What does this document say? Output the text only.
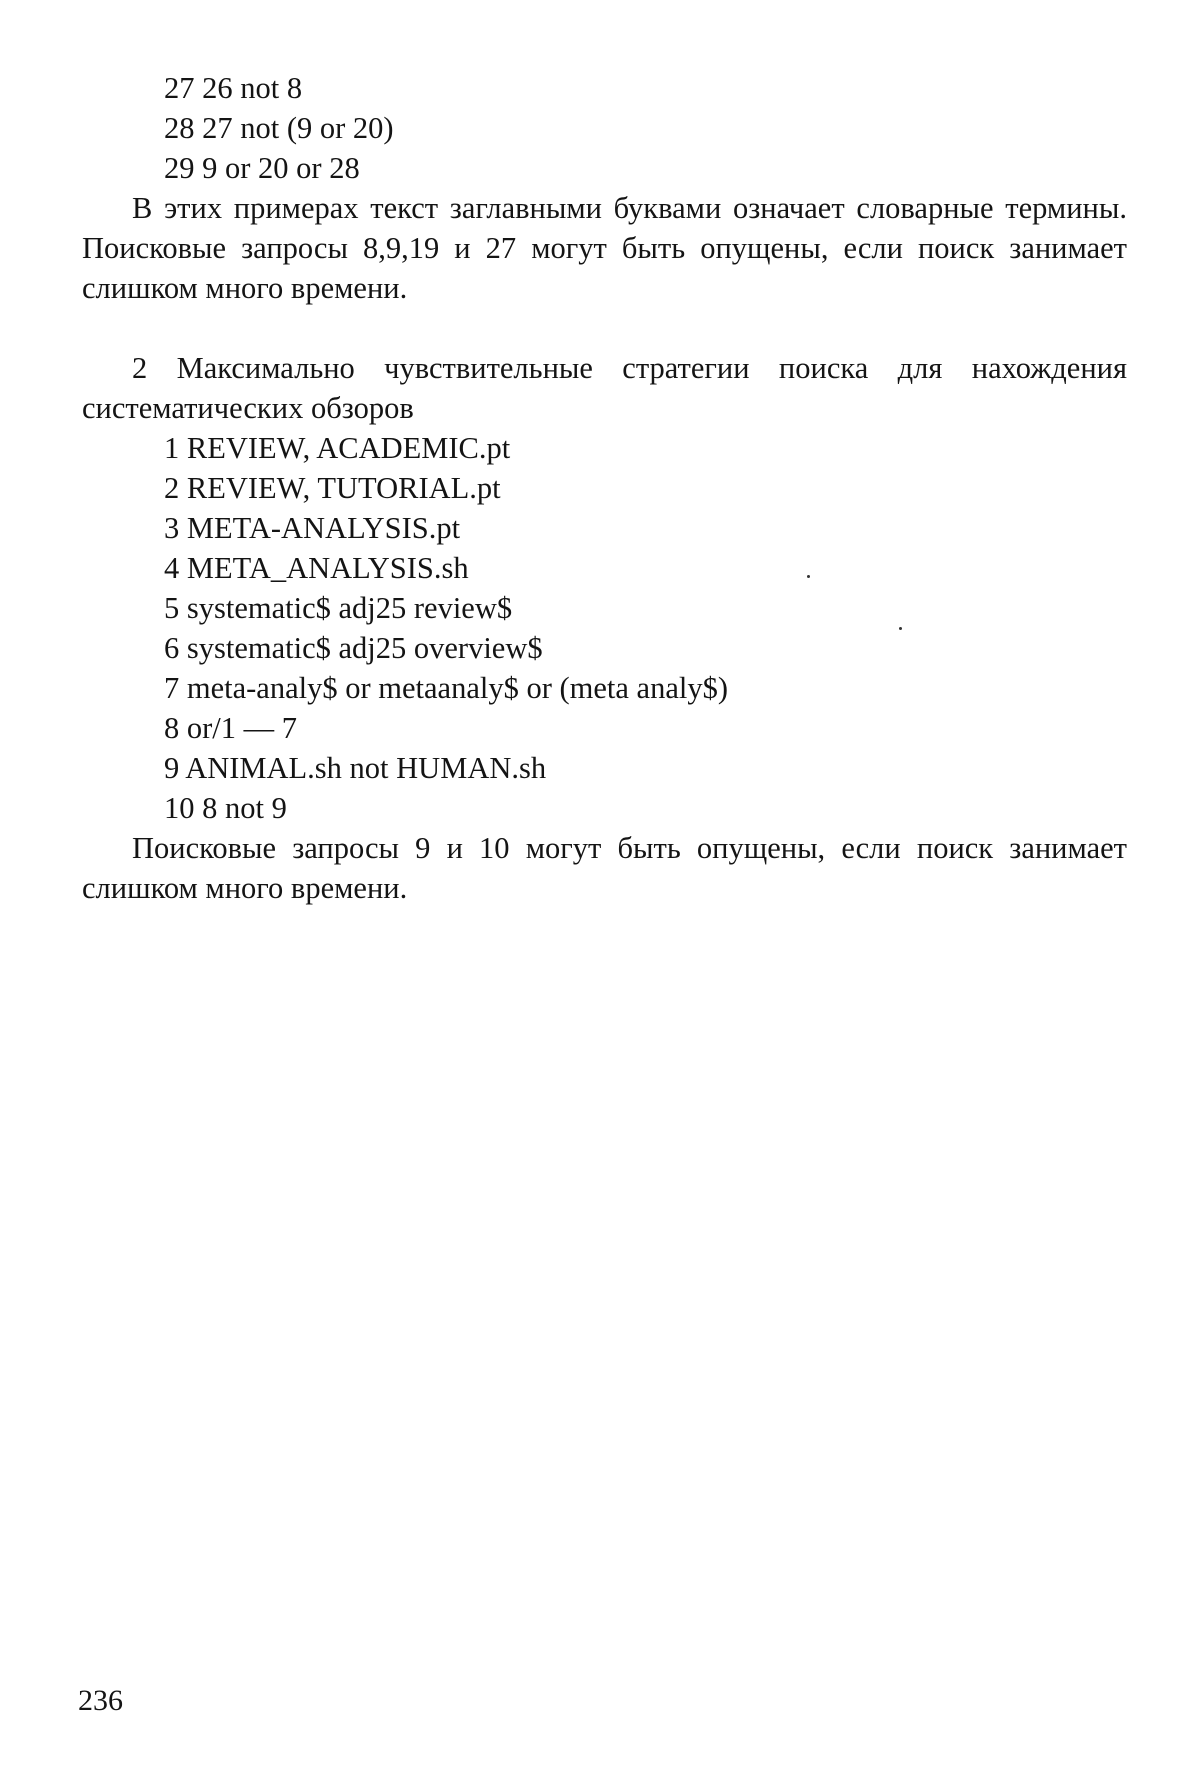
27 26 not 8
28 27 not (9 or 20)
29 9 or 20 or 28

В этих примерах текст заглавными буквами означает словарные термины. Поисковые запросы 8,9,19 и 27 могут быть опущены, если поиск занимает слишком много времени.

2 Максимально чувствительные стратегии поиска для нахождения систематических обзоров

1 REVIEW, ACADEMIC.pt
2 REVIEW, TUTORIAL.pt
3 META-ANALYSIS.pt
4 META_ANALYSIS.sh
5 systematic$ adj25 review$
6 systematic$ adj25 overview$
7 meta-analy$ or metaanaly$ or (meta analy$)
8 or/1 — 7
9 ANIMAL.sh not HUMAN.sh
10 8 not 9

Поисковые запросы 9 и 10 могут быть опущены, если поиск занимает слишком много времени.

236
